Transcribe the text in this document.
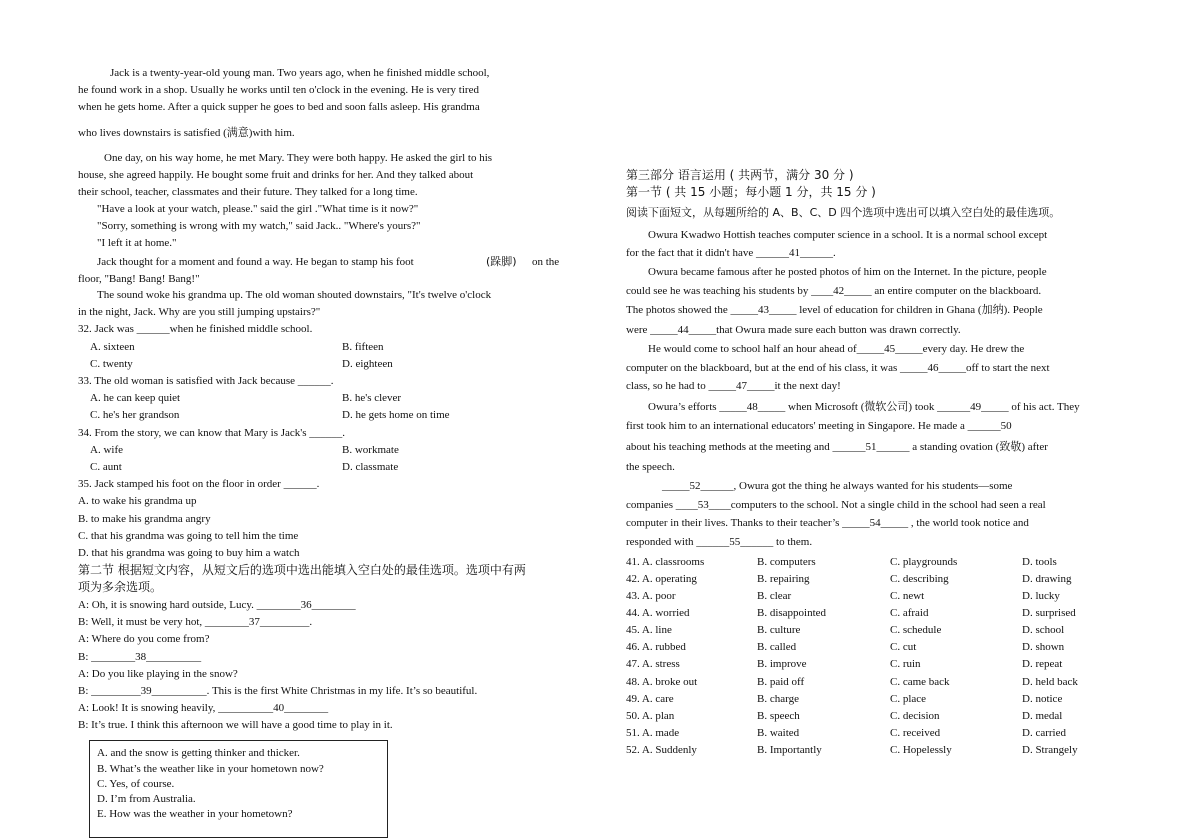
Jack is a twenty-year-old young man. Two years ago, when he finished middle school,
he found work in a shop. Usually he works until ten o'clock in the evening. He is very tired
when he gets home. After a quick supper he goes to bed and soon falls asleep. His grandma
who lives downstairs is satisfied (满意)with him.
One day, on his way home, he met Mary. They were both happy. He asked the girl to his
house, she agreed happily. He bought some fruit and drinks for her. And they talked about
their school, teacher, classmates and their future. They talked for a long time.
"Have a look at your watch, please." said the girl ."What time is it now?"
"Sorry, something is wrong with my watch," said Jack.. "Where's yours?"
"I left it at home."
Jack thought for a moment and found a way. He began to stamp his foot	(跺脚) on the
floor, "Bang! Bang! Bang!"
The sound woke his grandma up. The old woman shouted downstairs, "It's twelve o'clock
in the night, Jack. Why are you still jumping upstairs?"
32. Jack was ______when he finished middle school.
A. sixteen	B. fifteen
C. twenty	D. eighteen
33. The old woman is satisfied with Jack because ______.
A. he can keep quiet	B. he's clever
C. he's her grandson	D. he gets home on time
34. From the story, we can know that Mary is Jack's ______.
A. wife	B. workmate
C. aunt	D. classmate
35. Jack stamped his foot on the floor in order ______.
A. to wake his grandma up
B. to make his grandma angry
C. that his grandma was going to tell him the time
D. that his grandma was going to buy him a watch
第二节 根据短文内容，从短文后的选项中选出能填入空白处的最佳选项。选项中有两
项为多余选项。
A: Oh, it is snowing hard outside, Lucy. ________36________
B: Well, it must be very hot, ________37_________.
A: Where do you come from?
B: ________38__________
A: Do you like playing in the snow?
B: _________39__________. This is the first White Christmas in my life. It’s so beautiful.
A: Look! It is snowing heavily, __________40________
B: It’s true. I think this afternoon we will have a good time to play in it.
A. and the snow is getting thinker and thicker.
B. What’s the weather like in your hometown now?
C. Yes, of course.
D. I’m from Australia.
E. How was the weather in your hometown?
第三部分 语言运用 ( 共两节，满分 30 分 )
第一节 ( 共 15 小题；每小题 1 分，共 15 分 )
阅读下面短文，从每题所给的 A、B、C、D 四个选项中选出可以填入空白处的最佳选项。
Owura Kwadwo Hottish teaches computer science in a school. It is a normal school except
for the fact that it didn't have ______41______.
Owura became famous after he posted photos of him on the Internet. In the picture, people
could see he was teaching his students by ____42_____ an entire computer on the blackboard.
The photos showed the _____43_____ level of education for children in Ghana (加纳). People
were _____44_____that Owura made sure each button was drawn correctly.
He would come to school half an hour ahead of_____45_____every day. He drew the
computer on the blackboard, but at the end of his class, it was _____46_____off to start the next
class, so he had to _____47_____it the next day!
Owura’s efforts _____48_____ when Microsoft (微软公司) took ______49_____ of his act. They
first took him to an international educators' meeting in Singapore. He made a ______50
about his teaching methods at the meeting and ______51______ a standing ovation (致敬) after
the speech.
_____52______, Owura got the thing he always wanted for his students—some
companies ____53____computers to the school. Not a single child in the school had seen a real
computer in their lives. Thanks to their teacher’s _____54_____ , the world took notice and
responded with ______55______ to them.
41. A. classrooms	B. computers	C. playgrounds	D. tools
42. A. operating	B. repairing	C. describing	D. drawing
43. A. poor	B. clear	C. newt	D. lucky
44. A. worried	B. disappointed	C. afraid	D. surprised
45. A. line	B. culture	C. schedule	D. school
46. A. rubbed	B. called	C. cut	D. shown
47. A. stress	B. improve	C. ruin	D. repeat
48. A. broke out	B. paid off	C. came back	D. held back
49. A. care	B. charge	C. place	D. notice
50. A. plan	B. speech	C. decision	D. medal
51. A. made	B. waited	C. received	D. carried
52. A. Suddenly	B. Importantly	C. Hopelessly	D. Strangely
